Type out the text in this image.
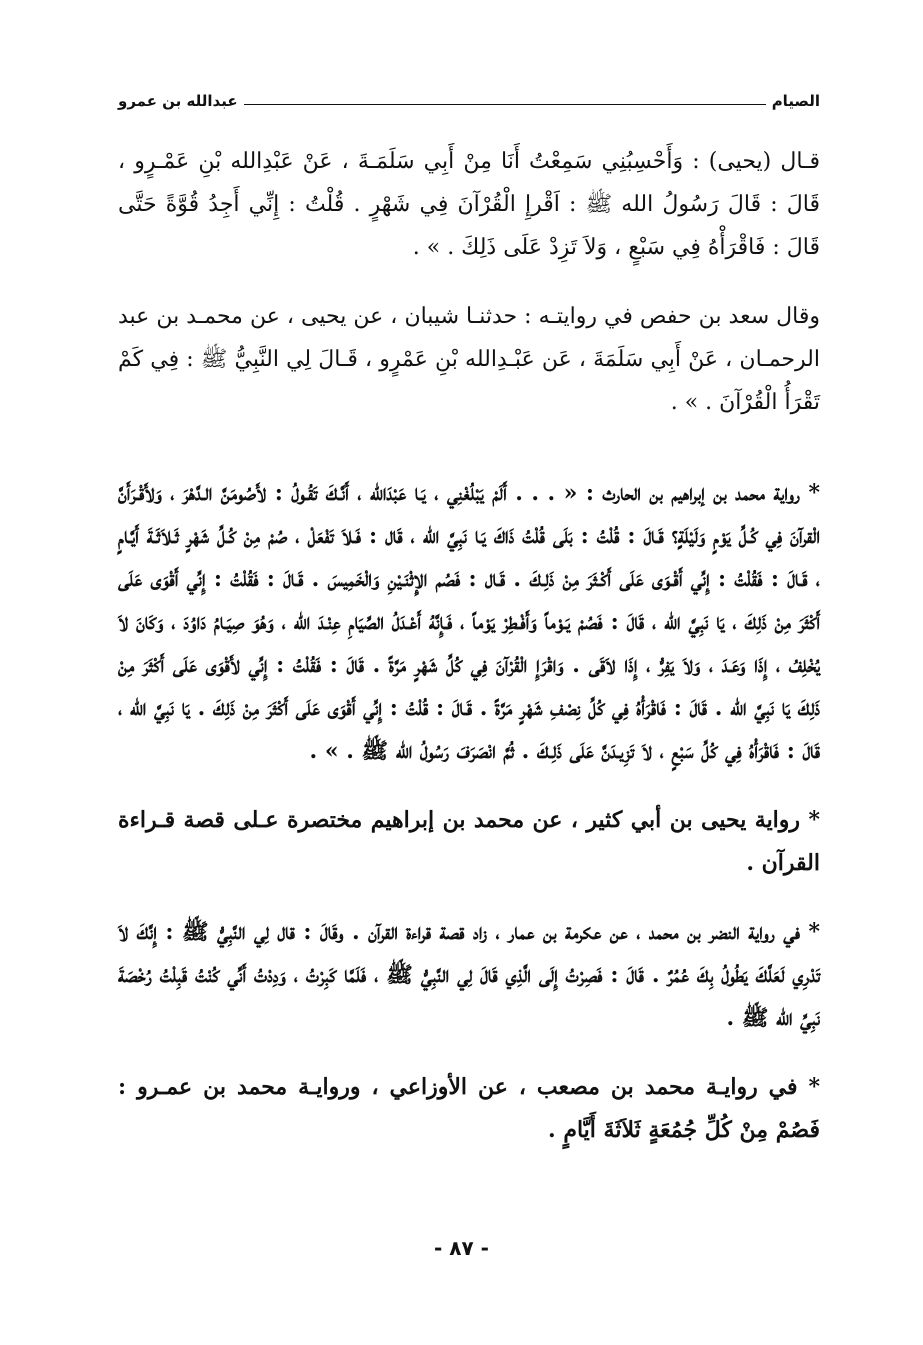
الصيام
عبدالله بن عمرو

قـال (يحيى) : وَأَحْسِبُنِي سَمِعْتُ أَنَا مِنْ أَبِي سَلَمَـةَ ، عَنْ عَبْدِالله بْنِ عَمْـرٍو ، قَالَ : قَالَ رَسُولُ الله ﷺ : اَقْرإِ الْقُرْآنَ فِي شَهْرٍ . قُلْتُ : إِنِّي أَجِدُ قُوَّةً حَتَّى قَالَ : فَاقْرَأْهُ فِي سَبْعٍ ، وَلاَ تَزِدْ عَلَى ذَلِكَ . » .

وقال سعد بن حفص في روايتـه : حدثنـا شيبان ، عن يحيى ، عن محمـد بن عبد الرحمـان ، عَنْ أَبِي سَلَمَةَ ، عَن عَبْـدِالله بْنِ عَمْرٍو ، قَـالَ لِي النَّبِيُّ ﷺ : فِي كَمْ تَقْرَأُ الْقُرْآنَ . » .

* رواية محمد بن إبراهيم بن الحارث : « . . . أَلَمْ يَبْلُغْنِي ، يَـا عَبْدَالله ، أَنَّـكَ تَقُـولُ : لأَصُومَنَّ الـدَّهْرَ ، وَلأَقْـرَأَنَّ الْقرآنَ فِي كُـلِّ يَوْمٍ وَلَيْلَةٍ؟ قَـالَ : قُلْتُ : بَلَى قُلْتُ ذَاكَ يَـا نَبِيَّ الله ، قَال : فَـلاَ تَفْعَلْ ، صُمْ مِنْ كُـلِّ شَهْرٍ ثَـلاَثَـةَ أَيَّـامٍ ، قَـالَ : فَقُلْتُ : إِنِّي أَقْـوَى عَلَى أَكْـثَرَ مِنْ ذَلِـكَ . قَـال : فَصُم الإِثْنَـيْنِ وَالْخَمِيسَ . قَـالَ : فَقُلْتُ : إِنِّي أَقْوَى عَلَى أَكْثَرَ مِنْ ذَلِكَ ، يَا نَبِيَّ الله ، قَالَ : فَصُمْ يَـوْماً وَأَفْـطِرْ يَوْماً ، فَـإِنَّهُ أَعْـدَلُ الصِّيَامِ عِنْـدَ الله ، وَهُوَ صِيَـامُ دَاوُدَ ، وَكَانَ لاَ يُخْلِفُ ، إِذَا وَعَـدَ ، وَلاَ يَفِرُّ ، إِذَا لاَقَى . وَاقْرَإِ الْقُرْآنَ فِي كُلِّ شَهْرٍ مَرَّةً . قَالَ : فَقُلْتُ : إِنِّي لأَقْوَى عَلَى أَكْثَرَ مِنْ ذَلِكَ يَا نَبِيَّ الله . قَالَ : فَاقْرَأْهُ فِي كُلِّ نِصْفِ شَهْرٍ مَرَّةً . قَـالَ : قُلْتُ : إِنِّي أَقْوَى عَلَى أَكْثَرَ مِنْ ذَلِكَ . يَا نَبِيَّ الله ، قَالَ : فَاقْرَأْهُ فِي كُلِّ سَبْعٍ ، لاَ تَزِيـدَنَّ عَلَى ذَلِـكَ . ثُمَّ انْصَرَفَ رَسُولُ الله ﷺ . » .

* رواية يحيى بن أبي كثير ، عن محمد بن إبراهيم مختصرة عـلى قصة قـراءة القرآن .

* في رواية النضر بن محمد ، عن عكرمة بن عمار ، زاد قصة قراءة القرآن . وقَالَ : قال لِي النَّبِيُّ ﷺ : إِنَّكَ لاَ تَدْرِي لَعَلَّكَ يَطُولُ بِكَ عُمُرٌ . قَالَ : فَصِرْتُ إِلَى الَّذِي قَالَ لِي النَّبِيُّ ﷺ ، فَلَمَّا كَبِرْتُ ، وَدِدْتُ أَنِّي كُنْتُ قَبِلْتُ رُخْصَةَ نَبِيِّ الله ﷺ .

* في روايـة محمد بن مصعب ، عن الأوزاعي ، وروايـة محمد بن عمـرو : فَصُمْ مِنْ كُلِّ جُمُعَةٍ ثَلاَثَةَ أَيَّامٍ .

- ٨٧ -
